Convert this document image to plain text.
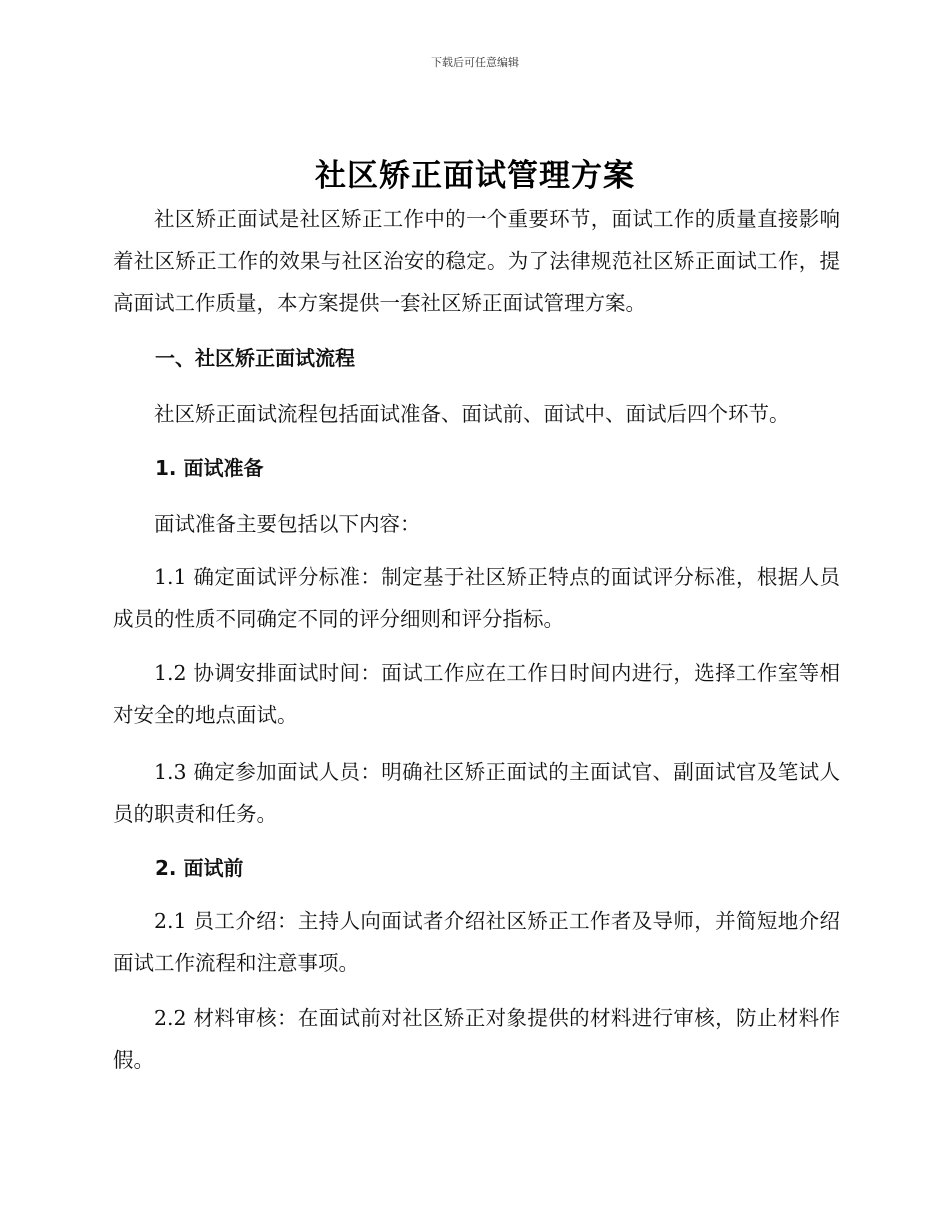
下载后可任意编辑
社区矫正面试管理方案

社区矫正面试是社区矫正工作中的一个重要环节，面试工作的质量直接影响着社区矫正工作的效果与社区治安的稳定。为了法律规范社区矫正面试工作，提高面试工作质量，本方案提供一套社区矫正面试管理方案。

一、社区矫正面试流程

社区矫正面试流程包括面试准备、面试前、面试中、面试后四个环节。

1. 面试准备

面试准备主要包括以下内容：

1.1 确定面试评分标准：制定基于社区矫正特点的面试评分标准，根据人员成员的性质不同确定不同的评分细则和评分指标。

1.2 协调安排面试时间：面试工作应在工作日时间内进行，选择工作室等相对安全的地点面试。

1.3 确定参加面试人员：明确社区矫正面试的主面试官、副面试官及笔试人员的职责和任务。

2. 面试前

2.1 员工介绍：主持人向面试者介绍社区矫正工作者及导师，并简短地介绍面试工作流程和注意事项。

2.2 材料审核：在面试前对社区矫正对象提供的材料进行审核，防止材料作假。
